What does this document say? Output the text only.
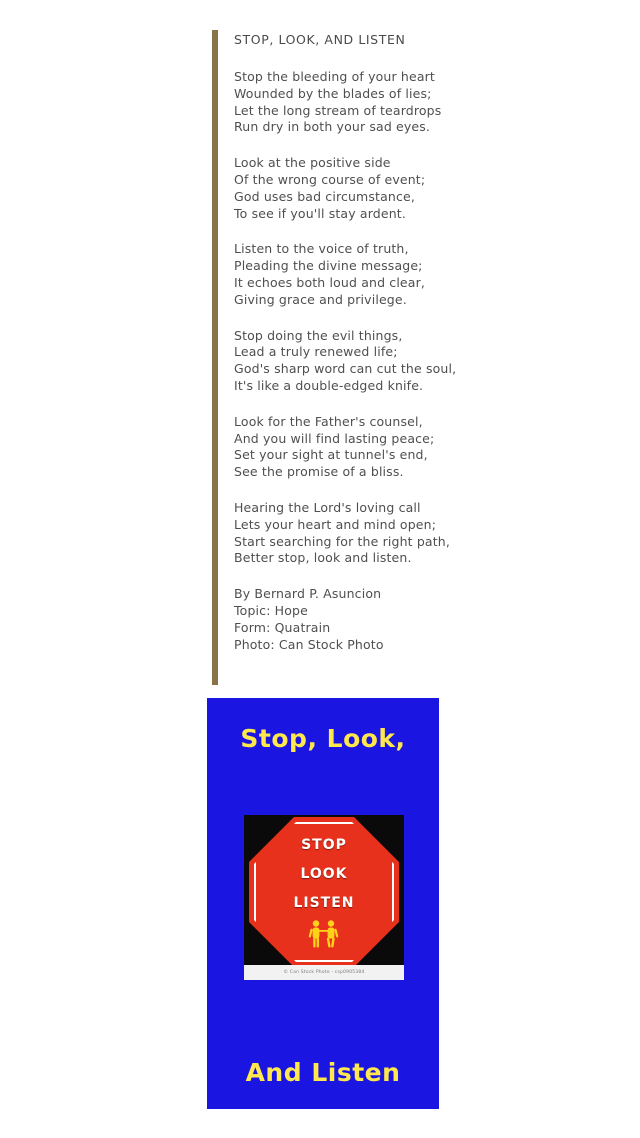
STOP, LOOK, AND LISTEN
Stop the bleeding of your heart
Wounded by the blades of lies;
Let the long stream of teardrops
Run dry in both your sad eyes.
Look at the positive side
Of the wrong course of event;
God uses bad circumstance,
To see if you'll stay ardent.
Listen to the voice of truth,
Pleading the divine message;
It echoes both loud and clear,
Giving grace and privilege.
Stop doing the evil things,
Lead a truly renewed life;
God's sharp word can cut the soul,
It's like a double-edged knife.
Look for the Father's counsel,
And you will find lasting peace;
Set your sight at tunnel's end,
See the promise of a bliss.
Hearing the Lord's loving call
Lets your heart and mind open;
Start searching for the right path,
Better stop, look and listen.
By Bernard P. Asuncion
Topic: Hope
Form: Quatrain
Photo: Can Stock Photo
Stop, Look,
STOP
LOOK
LISTEN
© Can Stock Photo - csp0905384
And Listen
